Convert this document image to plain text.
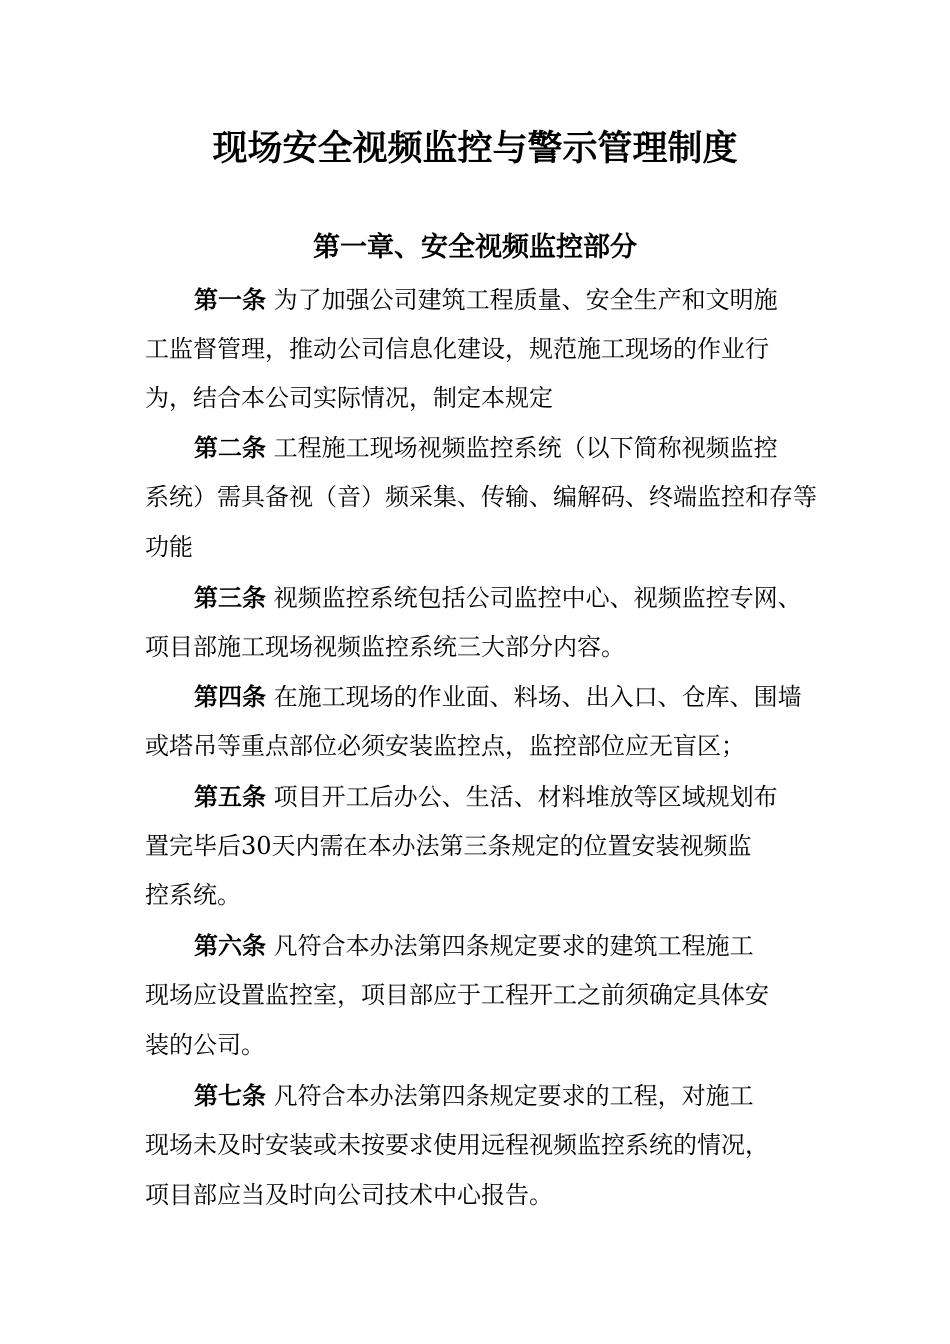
现场安全视频监控与警示管理制度
第一章、安全视频监控部分
第一条 为了加强公司建筑工程质量、安全生产和文明施
工监督管理，推动公司信息化建设，规范施工现场的作业行
为，结合本公司实际情况，制定本规定
第二条 工程施工现场视频监控系统（以下简称视频监控
系统）需具备视（音）频采集、传输、编解码、终端监控和存等
功能
第三条 视频监控系统包括公司监控中心、视频监控专网、
项目部施工现场视频监控系统三大部分内容。
第四条 在施工现场的作业面、料场、出入口、仓库、围墙
或塔吊等重点部位必须安装监控点，监控部位应无盲区；
第五条 项目开工后办公、生活、材料堆放等区域规划布
置完毕后30天内需在本办法第三条规定的位置安装视频监
控系统。
第六条 凡符合本办法第四条规定要求的建筑工程施工
现场应设置监控室，项目部应于工程开工之前须确定具体安
装的公司。
第七条 凡符合本办法第四条规定要求的工程，对施工
现场未及时安装或未按要求使用远程视频监控系统的情况，
项目部应当及时向公司技术中心报告。
